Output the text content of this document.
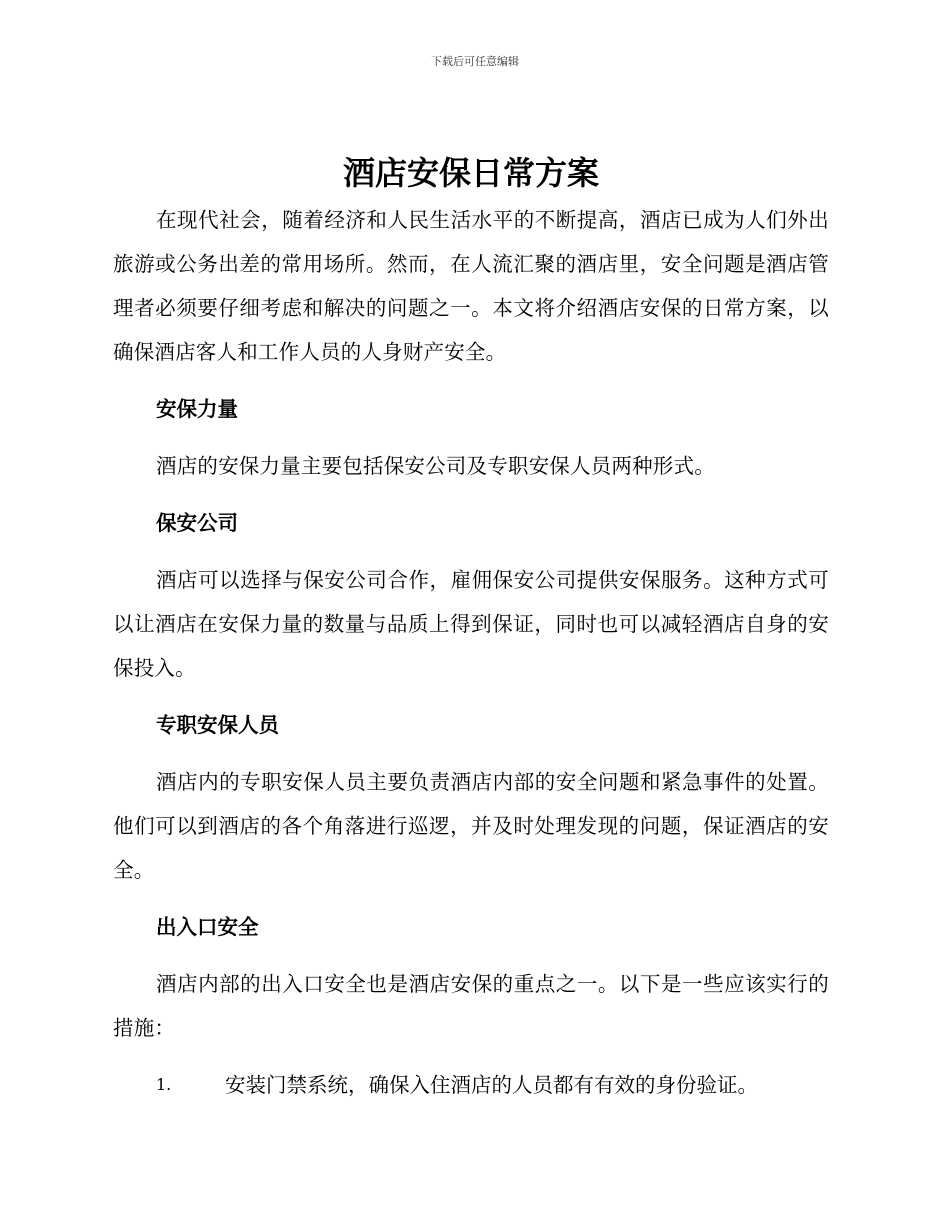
下载后可任意编辑
酒店安保日常方案

在现代社会，随着经济和人民生活水平的不断提高，酒店已成为人们外出旅游或公务出差的常用场所。然而，在人流汇聚的酒店里，安全问题是酒店管理者必须要仔细考虑和解决的问题之一。本文将介绍酒店安保的日常方案，以确保酒店客人和工作人员的人身财产安全。

安保力量

酒店的安保力量主要包括保安公司及专职安保人员两种形式。

保安公司

酒店可以选择与保安公司合作，雇佣保安公司提供安保服务。这种方式可以让酒店在安保力量的数量与品质上得到保证，同时也可以减轻酒店自身的安保投入。

专职安保人员

酒店内的专职安保人员主要负责酒店内部的安全问题和紧急事件的处置。他们可以到酒店的各个角落进行巡逻，并及时处理发现的问题，保证酒店的安全。

出入口安全

酒店内部的出入口安全也是酒店安保的重点之一。以下是一些应该实行的措施：

1.	安装门禁系统，确保入住酒店的人员都有有效的身份验证。
